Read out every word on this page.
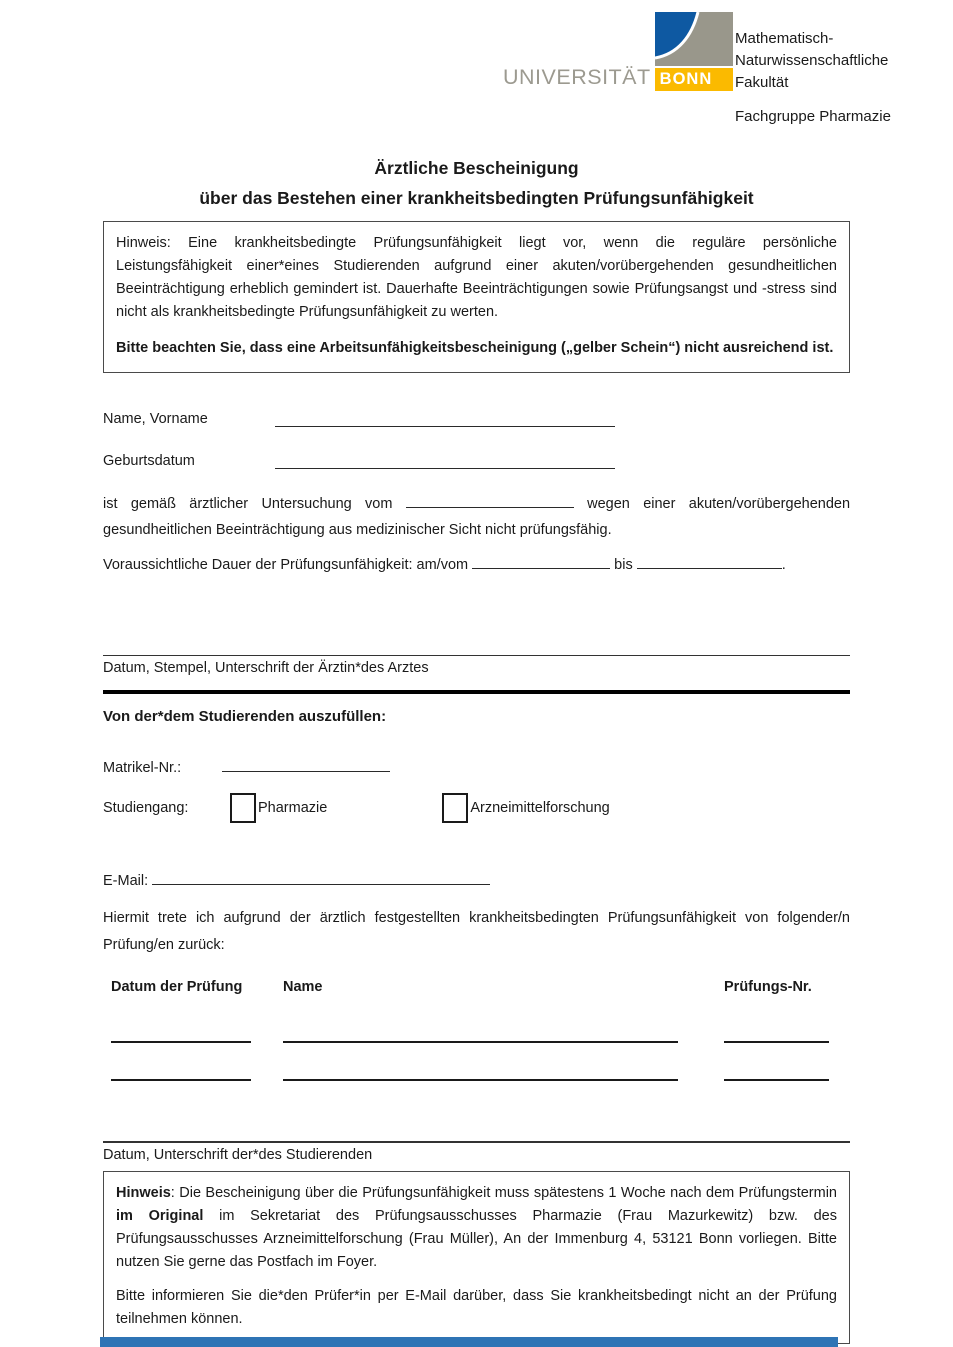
UNIVERSITÄT BONN
Mathematisch-
Naturwissenschaftliche
Fakultät
Fachgruppe Pharmazie
Ärztliche Bescheinigung
über das Bestehen einer krankheitsbedingten Prüfungsunfähigkeit

Hinweis: Eine krankheitsbedingte Prüfungsunfähigkeit liegt vor, wenn die reguläre persönliche Leistungsfähigkeit einer*eines Studierenden aufgrund einer akuten/vorübergehenden gesundheitlichen Beeinträchtigung erheblich gemindert ist. Dauerhafte Beeinträchtigungen sowie Prüfungsangst und -stress sind nicht als krankheitsbedingte Prüfungsunfähigkeit zu werten.

Bitte beachten Sie, dass eine Arbeitsunfähigkeitsbescheinigung („gelber Schein“) nicht ausreichend ist.

Name, Vorname
Geburtsdatum

ist gemäß ärztlicher Untersuchung vom	wegen einer akuten/vorübergehenden gesundheitlichen Beeinträchtigung aus medizinischer Sicht nicht prüfungsfähig.

Voraussichtliche Dauer der Prüfungsunfähigkeit: am/vom	bis	.

Datum, Stempel, Unterschrift der Ärztin*des Arztes
Von der*dem Studierenden auszufüllen:
Matrikel-Nr.:
Studiengang:	Pharmazie	Arzneimittelforschung
E-Mail:

Hiermit trete ich aufgrund der ärztlich festgestellten krankheitsbedingten Prüfungsunfähigkeit von folgender/n Prüfung/en zurück:

Datum der Prüfung	Name	Prüfungs-Nr.
Datum, Unterschrift der*des Studierenden

Hinweis: Die Bescheinigung über die Prüfungsunfähigkeit muss spätestens 1 Woche nach dem Prüfungstermin im Original im Sekretariat des Prüfungsausschusses Pharmazie (Frau Mazurkewitz) bzw. des Prüfungsausschusses Arzneimittelforschung (Frau Müller), An der Immenburg 4, 53121 Bonn vorliegen. Bitte nutzen Sie gerne das Postfach im Foyer.

Bitte informieren Sie die*den Prüfer*in per E-Mail darüber, dass Sie krankheitsbedingt nicht an der Prüfung teilnehmen können.
